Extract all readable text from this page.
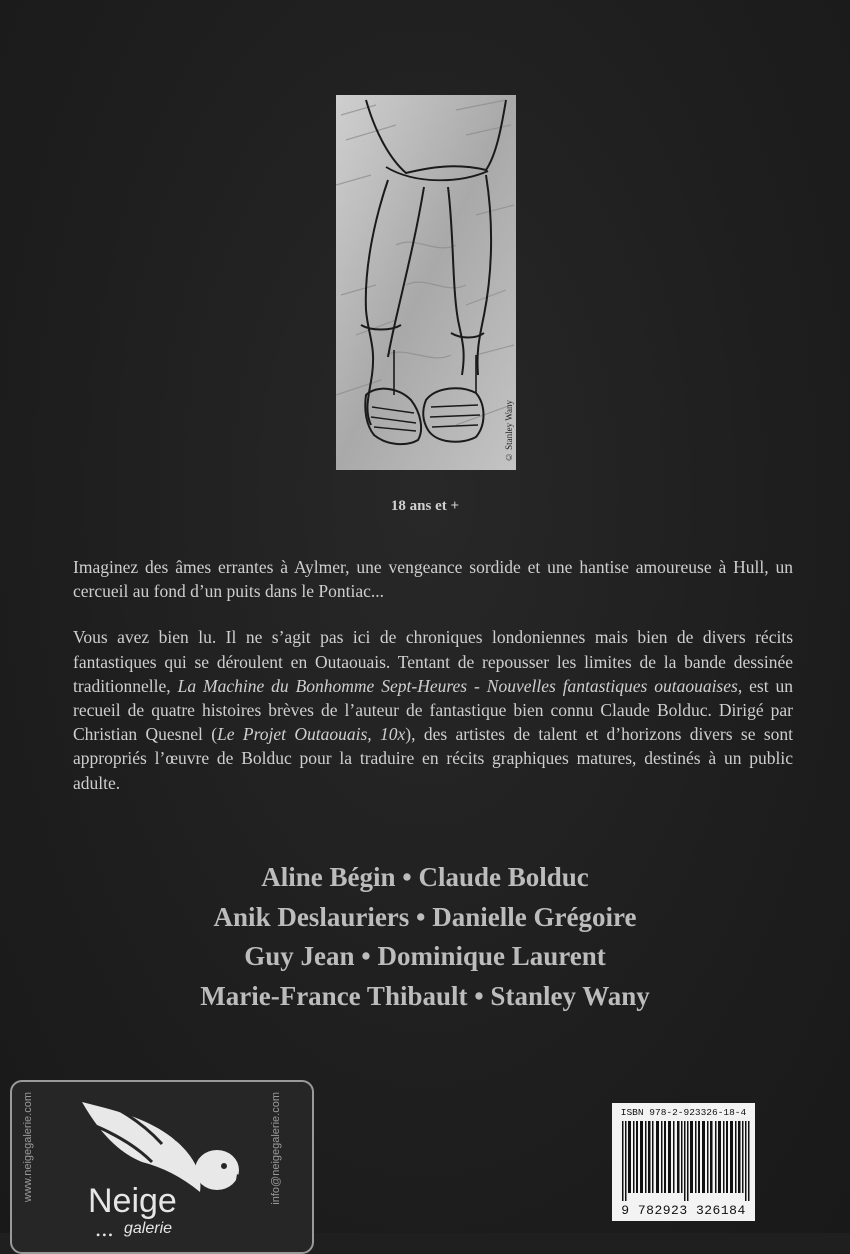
© Stanley Wany
18 ans et +

Imaginez des âmes errantes à Aylmer, une vengeance sordide et une hantise amoureuse à Hull, un cercueil au fond d’un puits dans le Pontiac...

Vous avez bien lu. Il ne s’agit pas ici de chroniques londoniennes mais bien de divers récits fantastiques qui se déroulent en Outaouais. Tentant de repousser les limites de la bande dessinée traditionnelle, La Machine du Bonhomme Sept-Heures - Nouvelles fantastiques outaouaises, est un recueil de quatre histoires brèves de l’auteur de fantastique bien connu Claude Bolduc. Dirigé par Christian Quesnel (Le Projet Outaouais, 10x), des artistes de talent et d’horizons divers se sont appropriés l’œuvre de Bolduc pour la traduire en récits graphiques matures, destinés à un public adulte.

Aline Bégin • Claude Bolduc
Anik Deslauriers • Danielle Grégoire
Guy Jean • Dominique Laurent
Marie-France Thibault • Stanley Wany
www.neigegalerie.com Neige
••• galerie
info@neigegalerie.com	ISBN 978-2-923326-18-4
9 782923 326184
